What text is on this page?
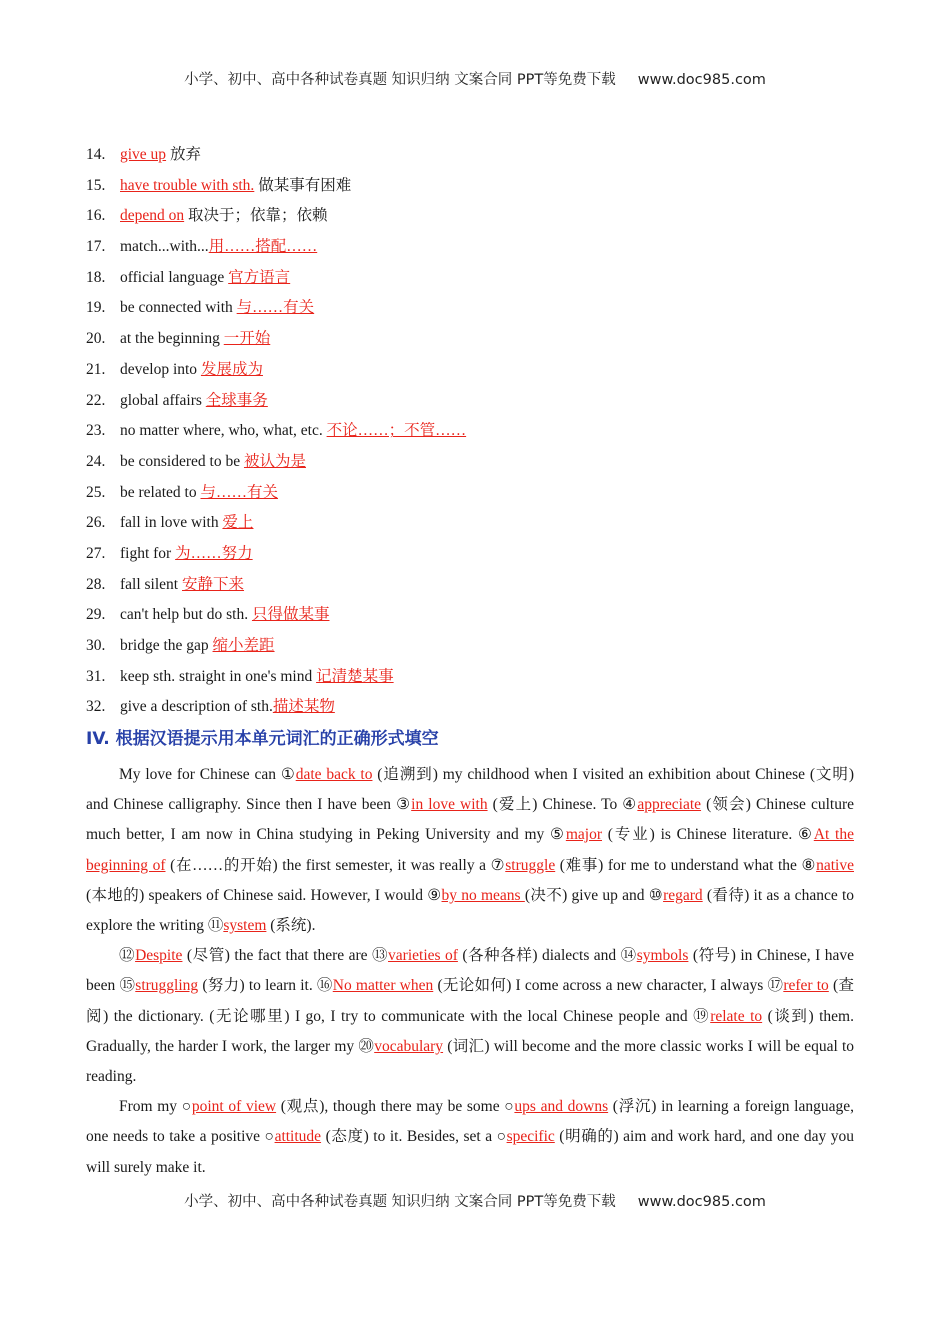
小学、初中、高中各种试卷真题 知识归纳 文案合同 PPT等免费下载 www.doc985.com
14. give up 放弃
15. have trouble with sth. 做某事有困难
16. depend on 取决于；依靠；依赖
17. match...with...用……搭配……
18. official language 官方语言
19. be connected with 与……有关
20. at the beginning 一开始
21. develop into 发展成为
22. global affairs 全球事务
23. no matter where, who, what, etc. 不论……；不管……
24. be considered to be 被认为是
25. be related to 与……有关
26. fall in love with 爱上
27. fight for 为……努力
28. fall silent 安静下来
29. can't help but do sth. 只得做某事
30. bridge the gap 缩小差距
31. keep sth. straight in one's mind 记清楚某事
32. give a description of sth.描述某物
IV. 根据汉语提示用本单元词汇的正确形式填空

My love for Chinese can ①date back to (追溯到) my childhood when I visited an exhibition about Chinese (文明) and Chinese calligraphy. Since then I have been ③in love with (爱上) Chinese. To ④appreciate (领会) Chinese culture much better, I am now in China studying in Peking University and my ⑤major (专业) is Chinese literature. ⑥At the beginning of (在……的开始) the first semester, it was really a ⑦struggle (难事) for me to understand what the ⑧native (本地的) speakers of Chinese said. However, I would ⑨by no means (决不) give up and ⑩regard (看待) it as a chance to explore the writing ⑪system (系统).

⑫Despite (尽管) the fact that there are ⑬varieties of (各种各样) dialects and ⑭symbols (符号) in Chinese, I have been ⑮struggling (努力) to learn it. ⑯No matter when (无论如何) I come across a new character, I always ⑰refer to (查阅) the dictionary. (无论哪里) I go, I try to communicate with the local Chinese people and ⑲relate to (谈到) them. Gradually, the harder I work, the larger my ⑳vocabulary (词汇) will become and the more classic works I will be equal to reading.

From my ○point of view (观点), though there may be some ○ups and downs (浮沉) in learning a foreign language, one needs to take a positive ○attitude (态度) to it. Besides, set a ○specific (明确的) aim and work hard, and one day you will surely make it.

小学、初中、高中各种试卷真题 知识归纳 文案合同 PPT等免费下载 www.doc985.com
